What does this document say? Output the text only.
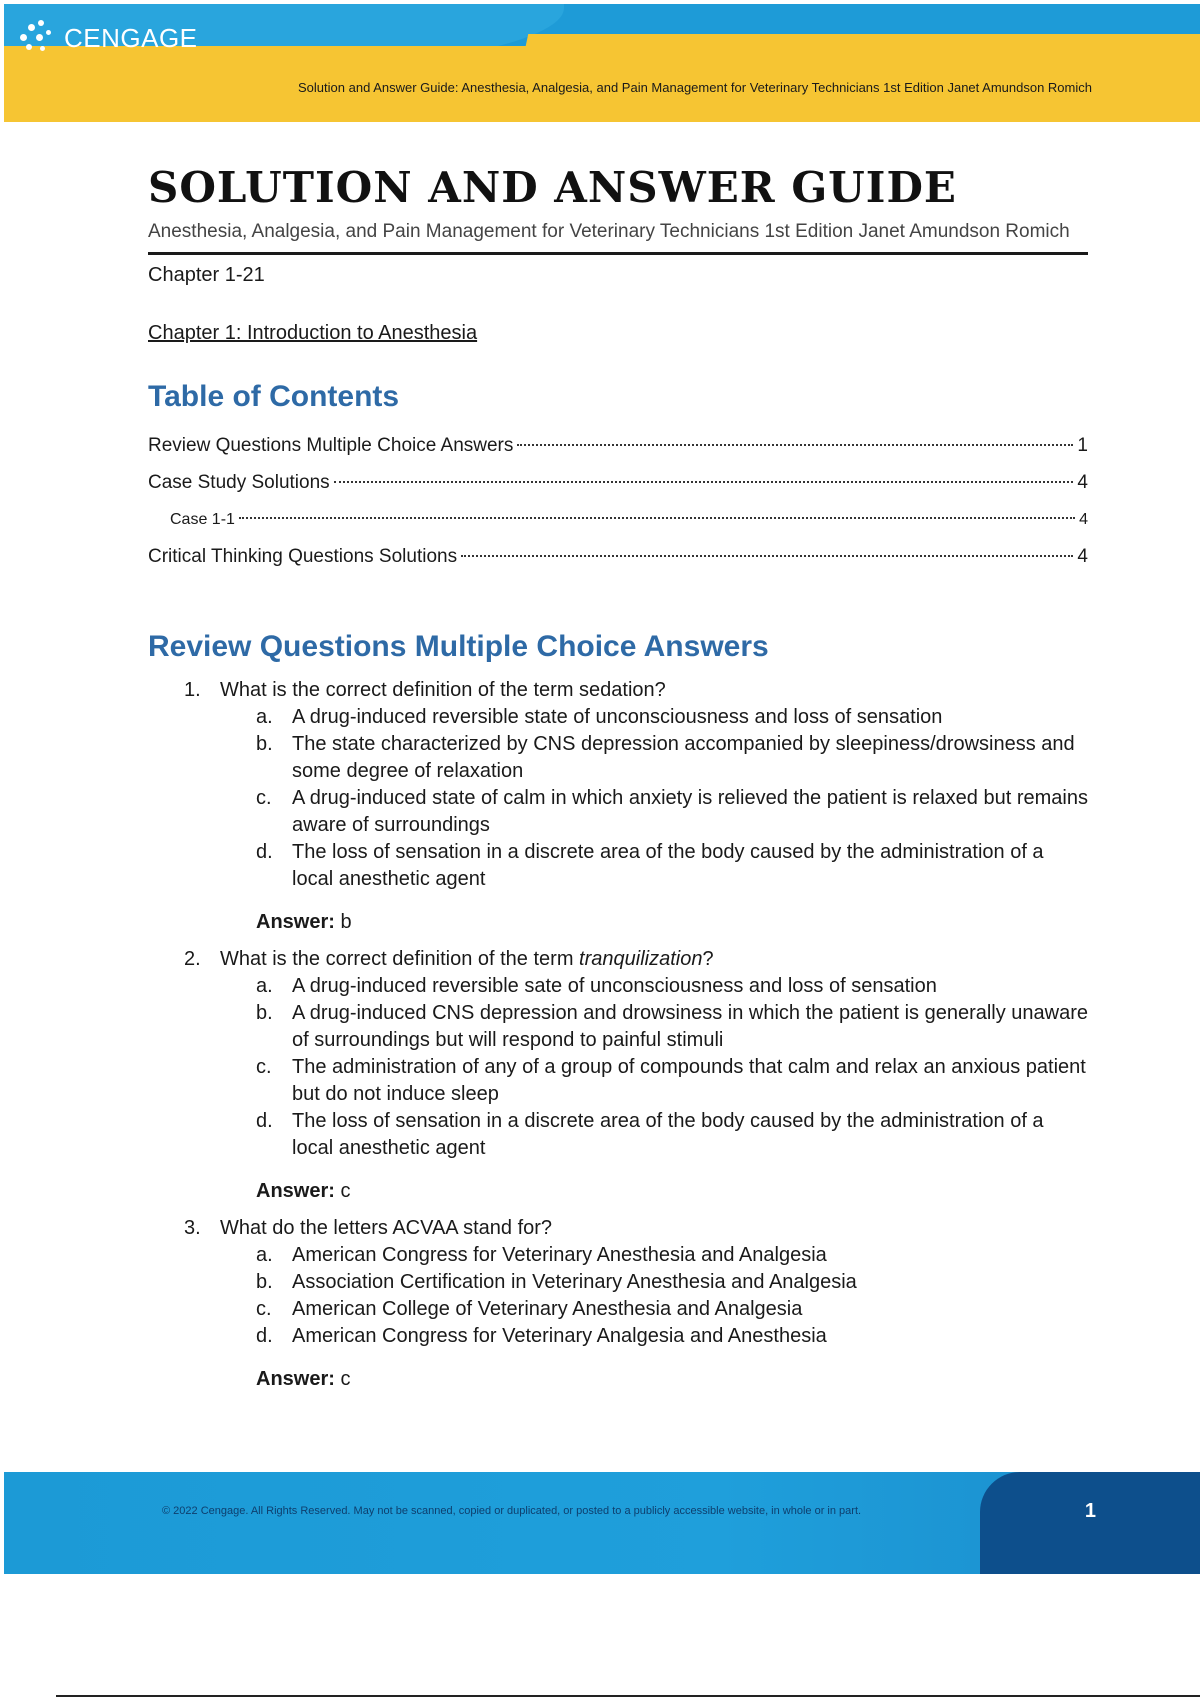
CENGAGE
Solution and Answer Guide: Anesthesia, Analgesia, and Pain Management for Veterinary Technicians 1st Edition Janet Amundson Romich
SOLUTION AND ANSWER GUIDE
Anesthesia, Analgesia, and Pain Management for Veterinary Technicians 1st Edition Janet Amundson Romich
Chapter 1-21
Chapter 1: Introduction to Anesthesia
Table of Contents
Review Questions Multiple Choice Answers	1
Case Study Solutions	4
Case 1-1	4
Critical Thinking Questions Solutions	4
Review Questions Multiple Choice Answers
1. What is the correct definition of the term sedation?
a. A drug-induced reversible state of unconsciousness and loss of sensation
b. The state characterized by CNS depression accompanied by sleepiness/drowsiness and some degree of relaxation
c.	A drug-induced state of calm in which anxiety is relieved the patient is relaxed but remains aware of surroundings
d. The loss of sensation in a discrete area of the body caused by the administration of a local anesthetic agent
Answer: b
2. What is the correct definition of the term tranquilization?
a. A drug-induced reversible sate of unconsciousness and loss of sensation
b. A drug-induced CNS depression and drowsiness in which the patient is generally unaware of surroundings but will respond to painful stimuli
c.	The administration of any of a group of compounds that calm and relax an anxious patient but do not induce sleep
d. The loss of sensation in a discrete area of the body caused by the administration of a local anesthetic agent
Answer: c
3. What do the letters ACVAA stand for?
a. American Congress for Veterinary Anesthesia and Analgesia
b. Association Certification in Veterinary Anesthesia and Analgesia
c.	American College of Veterinary Anesthesia and Analgesia
d. American Congress for Veterinary Analgesia and Anesthesia
Answer: c
© 2022 Cengage. All Rights Reserved. May not be scanned, copied or duplicated, or posted to a publicly accessible website, in whole or in part.	1
